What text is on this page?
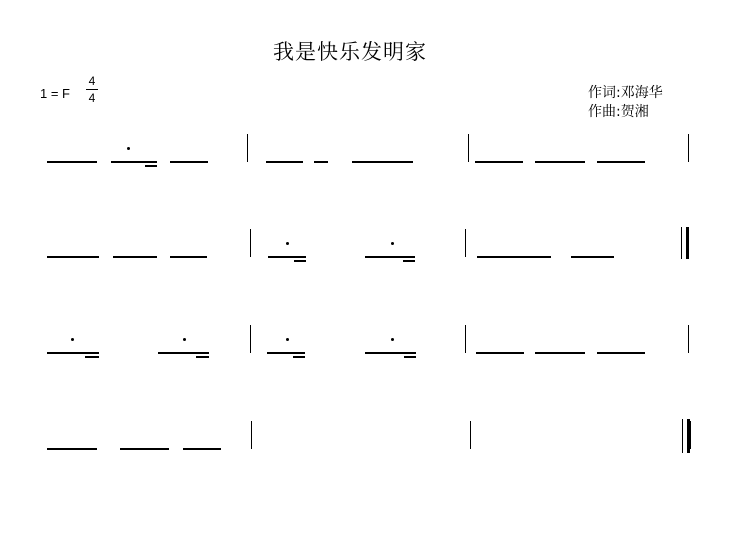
我是快乐发明家
1 = F
4
4	作词:邓海华
作曲:贺湘
